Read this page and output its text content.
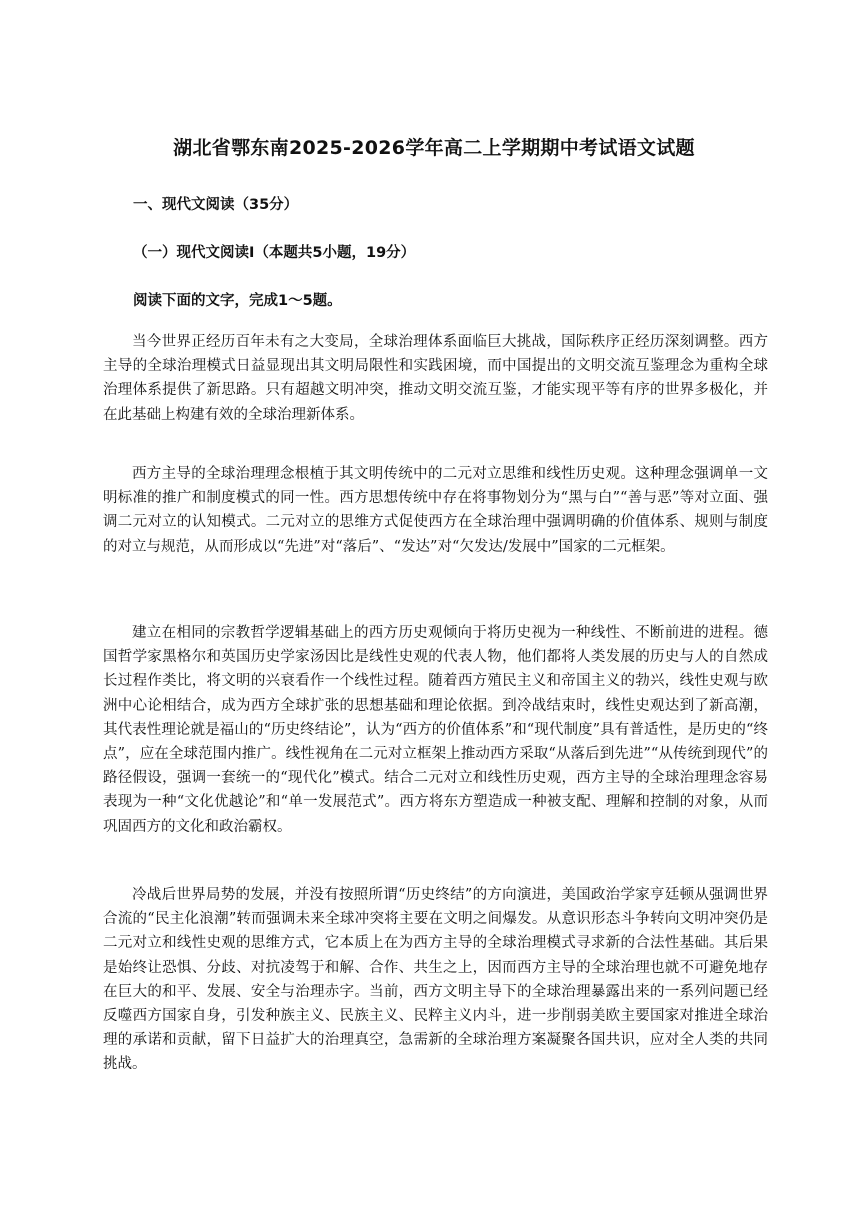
湖北省鄂东南2025-2026学年高二上学期期中考试语文试题
一、现代文阅读（35分）
（一）现代文阅读Ⅰ（本题共5小题，19分）
阅读下面的文字，完成1～5题。

当今世界正经历百年未有之大变局，全球治理体系面临巨大挑战，国际秩序正经历深刻调整。西方主导的全球治理模式日益显现出其文明局限性和实践困境，而中国提出的文明交流互鉴理念为重构全球治理体系提供了新思路。只有超越文明冲突，推动文明交流互鉴，才能实现平等有序的世界多极化，并在此基础上构建有效的全球治理新体系。

西方主导的全球治理理念根植于其文明传统中的二元对立思维和线性历史观。这种理念强调单一文明标准的推广和制度模式的同一性。西方思想传统中存在将事物划分为“黑与白”“善与恶”等对立面、强调二元对立的认知模式。二元对立的思维方式促使西方在全球治理中强调明确的价值体系、规则与制度的对立与规范，从而形成以“先进”对“落后”、“发达”对“欠发达/发展中”国家的二元框架。

建立在相同的宗教哲学逻辑基础上的西方历史观倾向于将历史视为一种线性、不断前进的进程。德国哲学家黑格尔和英国历史学家汤因比是线性史观的代表人物，他们都将人类发展的历史与人的自然成长过程作类比，将文明的兴衰看作一个线性过程。随着西方殖民主义和帝国主义的勃兴，线性史观与欧洲中心论相结合，成为西方全球扩张的思想基础和理论依据。到冷战结束时，线性史观达到了新高潮，其代表性理论就是福山的“历史终结论”，认为“西方的价值体系”和“现代制度”具有普适性，是历史的“终点”，应在全球范围内推广。线性视角在二元对立框架上推动西方采取“从落后到先进”“从传统到现代”的路径假设，强调一套统一的“现代化”模式。结合二元对立和线性历史观，西方主导的全球治理理念容易表现为一种“文化优越论”和“单一发展范式”。西方将东方塑造成一种被支配、理解和控制的对象，从而巩固西方的文化和政治霸权。

冷战后世界局势的发展，并没有按照所谓“历史终结”的方向演进，美国政治学家亨廷顿从强调世界合流的“民主化浪潮”转而强调未来全球冲突将主要在文明之间爆发。从意识形态斗争转向文明冲突仍是二元对立和线性史观的思维方式，它本质上在为西方主导的全球治理模式寻求新的合法性基础。其后果是始终让恐惧、分歧、对抗凌驾于和解、合作、共生之上，因而西方主导的全球治理也就不可避免地存在巨大的和平、发展、安全与治理赤字。当前，西方文明主导下的全球治理暴露出来的一系列问题已经反噬西方国家自身，引发种族主义、民族主义、民粹主义内斗，进一步削弱美欧主要国家对推进全球治理的承诺和贡献，留下日益扩大的治理真空，急需新的全球治理方案凝聚各国共识，应对全人类的共同挑战。
